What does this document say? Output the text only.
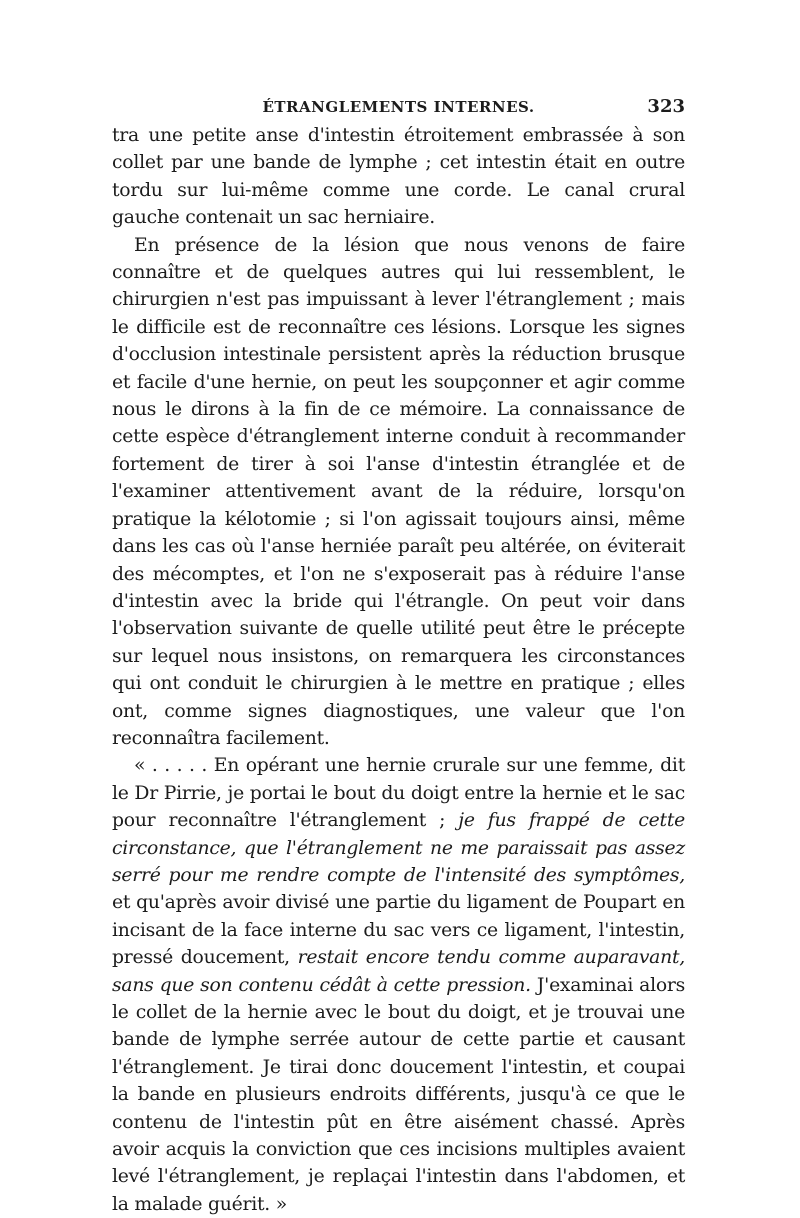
ÉTRANGLEMENTS INTERNES.	323

tra une petite anse d'intestin étroitement embrassée à son collet par une bande de lymphe ; cet intestin était en outre tordu sur lui-même comme une corde. Le canal crural gauche contenait un sac herniaire.

En présence de la lésion que nous venons de faire connaître et de quelques autres qui lui ressemblent, le chirurgien n'est pas impuissant à lever l'étranglement ; mais le difficile est de reconnaître ces lésions. Lorsque les signes d'occlusion intestinale persistent après la réduction brusque et facile d'une hernie, on peut les soupçonner et agir comme nous le dirons à la fin de ce mémoire. La connaissance de cette espèce d'étranglement interne conduit à recommander fortement de tirer à soi l'anse d'intestin étranglée et de l'examiner attentivement avant de la réduire, lorsqu'on pratique la kélotomie ; si l'on agissait toujours ainsi, même dans les cas où l'anse herniée paraît peu altérée, on éviterait des mécomptes, et l'on ne s'exposerait pas à réduire l'anse d'intestin avec la bride qui l'étrangle. On peut voir dans l'observation suivante de quelle utilité peut être le précepte sur lequel nous insistons, on remarquera les circonstances qui ont conduit le chirurgien à le mettre en pratique ; elles ont, comme signes diagnostiques, une valeur que l'on reconnaîtra facilement.

« . . . . . En opérant une hernie crurale sur une femme, dit le Dr Pirrie, je portai le bout du doigt entre la hernie et le sac pour reconnaître l'étranglement ; je fus frappé de cette circonstance, que l'étranglement ne me paraissait pas assez serré pour me rendre compte de l'intensité des symptômes, et qu'après avoir divisé une partie du ligament de Poupart en incisant de la face interne du sac vers ce ligament, l'intestin, pressé doucement, restait encore tendu comme auparavant, sans que son contenu cédât à cette pression. J'examinai alors le collet de la hernie avec le bout du doigt, et je trouvai une bande de lymphe serrée autour de cette partie et causant l'étranglement. Je tirai donc doucement l'intestin, et coupai la bande en plusieurs endroits différents, jusqu'à ce que le contenu de l'intestin pût en être aisément chassé. Après avoir acquis la conviction que ces incisions multiples avaient levé l'étranglement, je replaçai l'intestin dans l'abdomen, et la malade guérit. »
